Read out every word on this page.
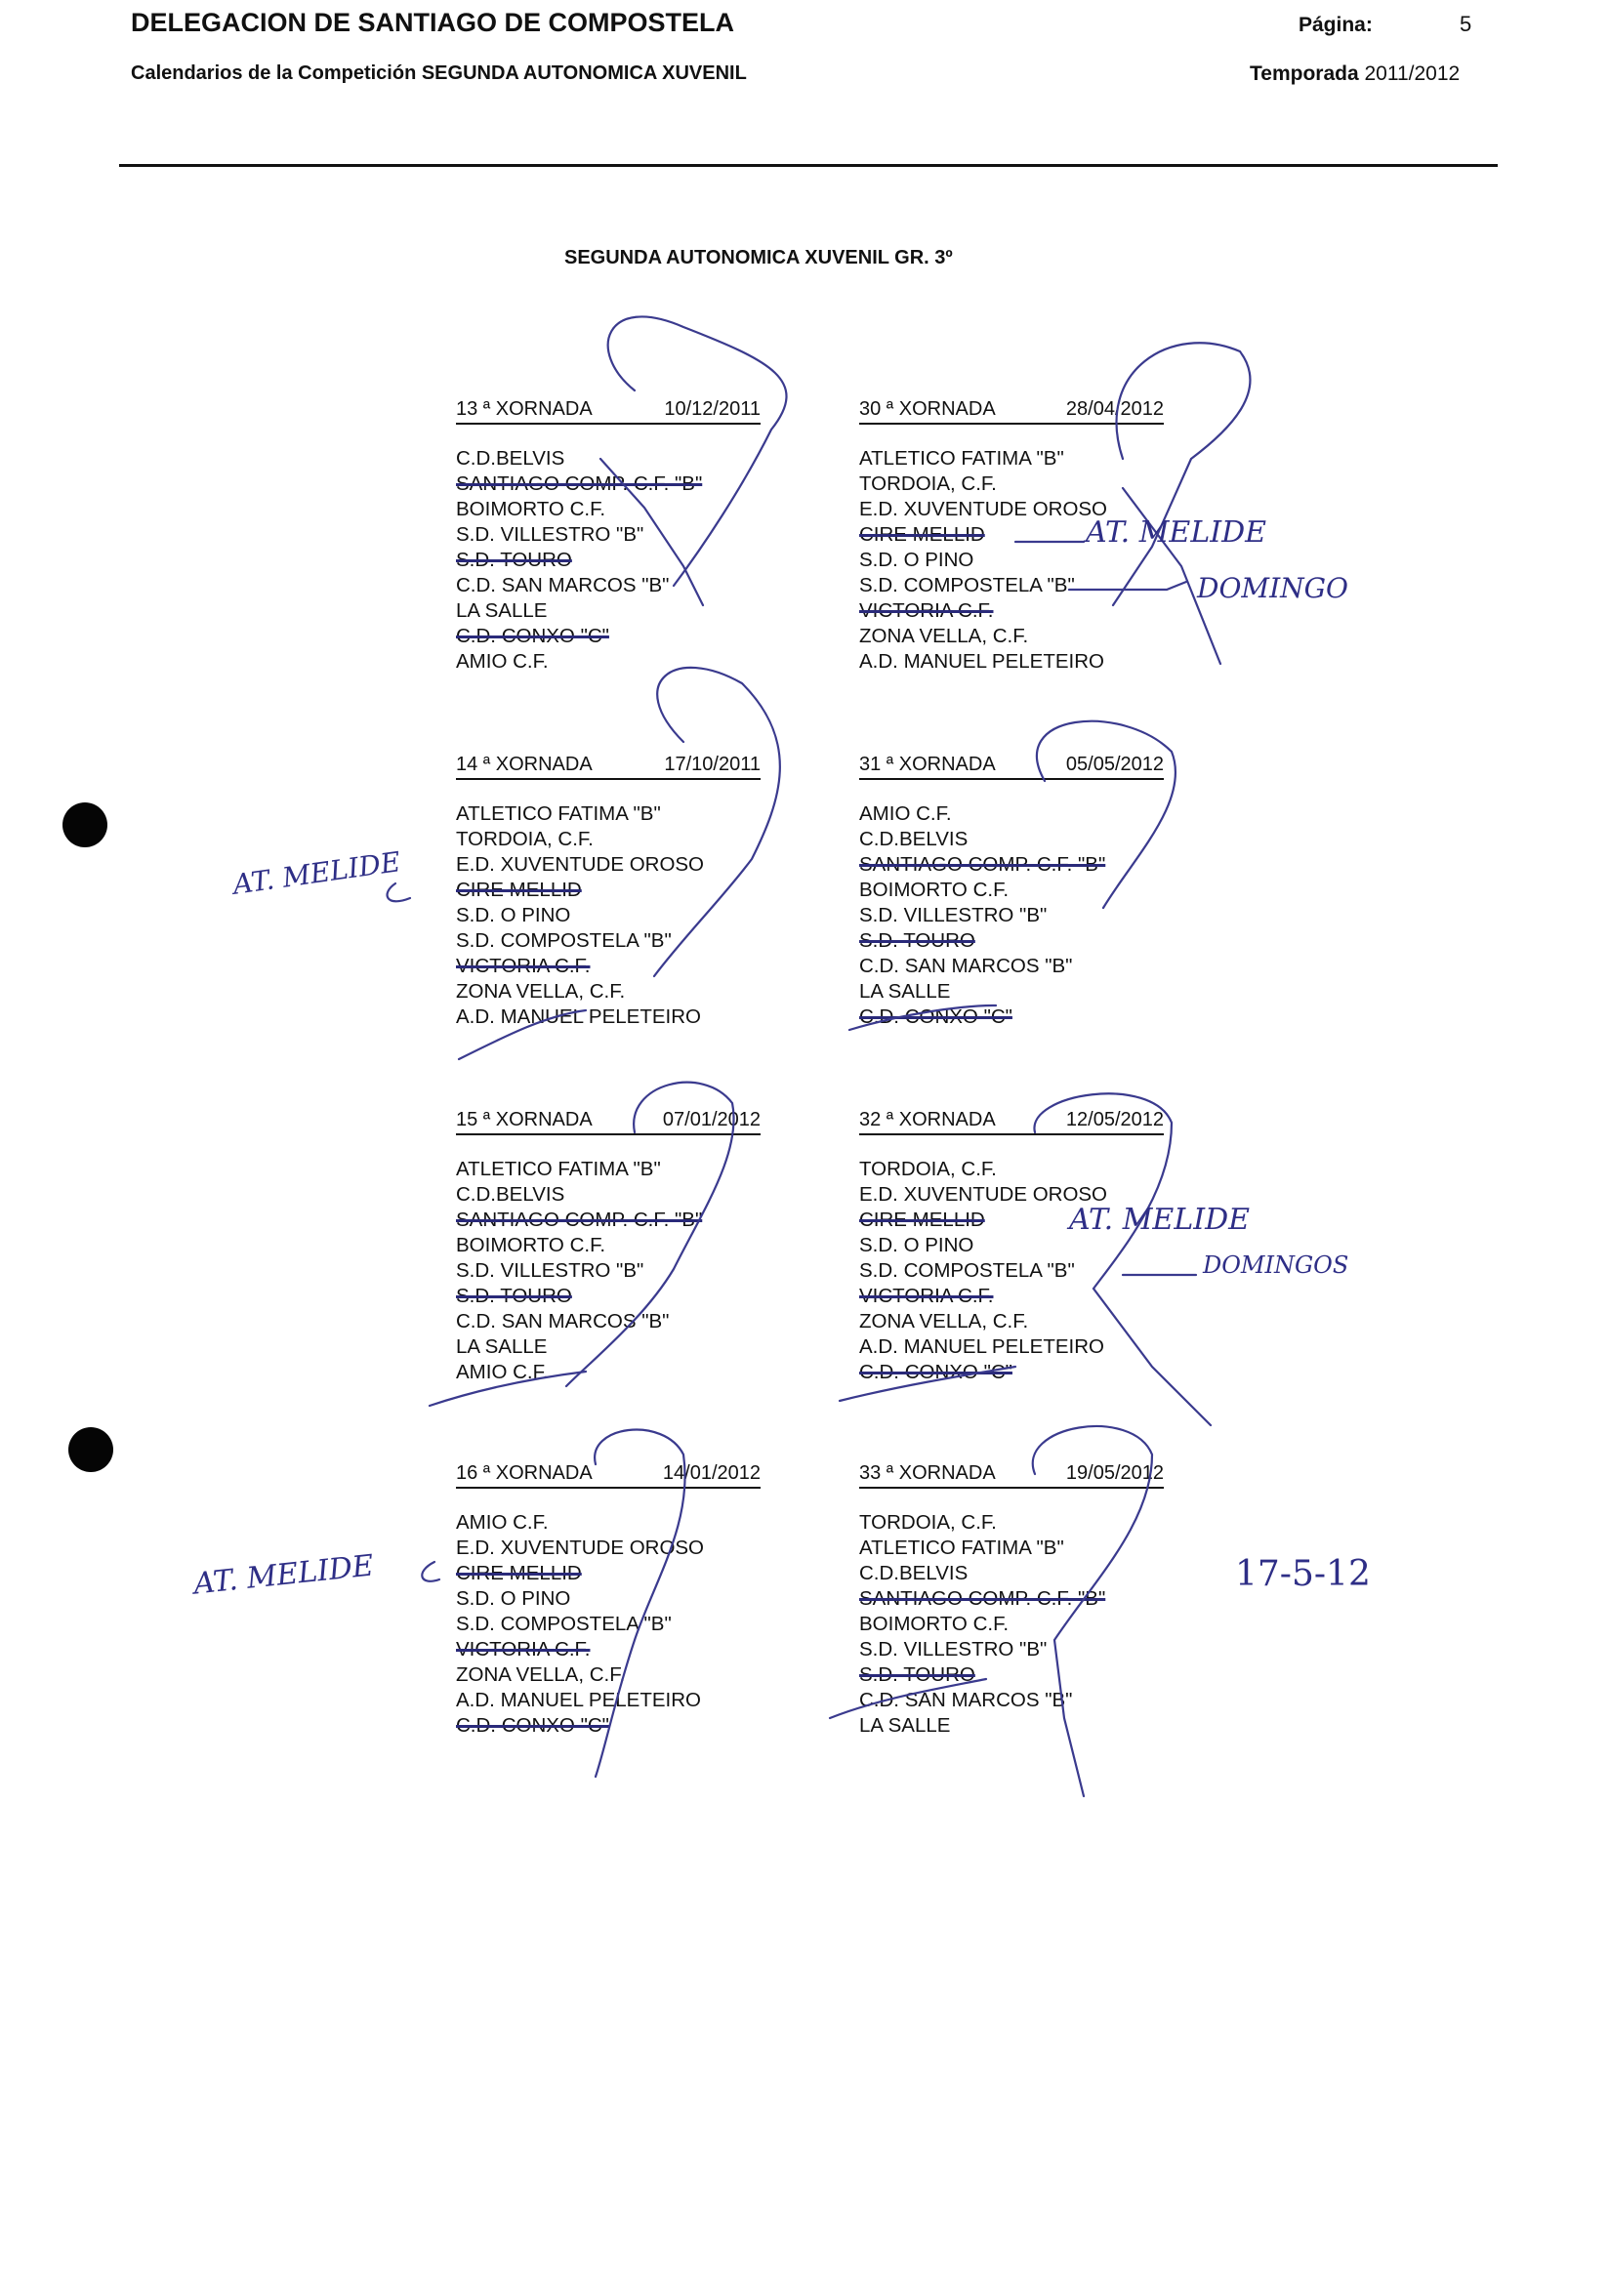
DELEGACION DE SANTIAGO DE COMPOSTELA	Página:	5
Calendarios de la Competición SEGUNDA AUTONOMICA XUVENIL	Temporada 2011/2012
SEGUNDA AUTONOMICA XUVENIL GR. 3º
13 ª XORNADA	10/12/2011
C.D.BELVIS
SANTIAGO COMP. C.F. "B"
BOIMORTO C.F.
S.D. VILLESTRO "B"
S.D. TOURO
C.D. SAN MARCOS "B"
LA SALLE
C.D. CONXO "C"
AMIO C.F.
30 ª XORNADA	28/04/2012
ATLETICO FATIMA "B"
TORDOIA, C.F.
E.D. XUVENTUDE OROSO
CIRE MELLID
S.D. O PINO
S.D. COMPOSTELA "B"
VICTORIA C.F.
ZONA VELLA, C.F.
A.D. MANUEL PELETEIRO
14 ª XORNADA	17/10/2011
ATLETICO FATIMA "B"
TORDOIA, C.F.
E.D. XUVENTUDE OROSO
CIRE MELLID
S.D. O PINO
S.D. COMPOSTELA "B"
VICTORIA C.F.
ZONA VELLA, C.F.
A.D. MANUEL PELETEIRO
31 ª XORNADA	05/05/2012
AMIO C.F.
C.D.BELVIS
SANTIAGO COMP. C.F. "B"
BOIMORTO C.F.
S.D. VILLESTRO "B"
S.D. TOURO
C.D. SAN MARCOS "B"
LA SALLE
C.D. CONXO "C"
15 ª XORNADA	07/01/2012
ATLETICO FATIMA "B"
C.D.BELVIS
SANTIAGO COMP. C.F. "B"
BOIMORTO C.F.
S.D. VILLESTRO "B"
S.D. TOURO
C.D. SAN MARCOS "B"
LA SALLE
AMIO C.F.
32 ª XORNADA	12/05/2012
TORDOIA, C.F.
E.D. XUVENTUDE OROSO
CIRE MELLID
S.D. O PINO
S.D. COMPOSTELA "B"
VICTORIA C.F.
ZONA VELLA, C.F.
A.D. MANUEL PELETEIRO
C.D. CONXO "C"
16 ª XORNADA	14/01/2012
AMIO C.F.
E.D. XUVENTUDE OROSO
CIRE MELLID
S.D. O PINO
S.D. COMPOSTELA "B"
VICTORIA C.F.
ZONA VELLA, C.F.
A.D. MANUEL PELETEIRO
C.D. CONXO "C"
33 ª XORNADA	19/05/2012
TORDOIA, C.F.
ATLETICO FATIMA "B"
C.D.BELVIS
SANTIAGO COMP. C.F. "B"
BOIMORTO C.F.
S.D. VILLESTRO "B"
S.D. TOURO
C.D. SAN MARCOS "B"
LA SALLE
AT. MELIDE
DOMINGO
AT. MELIDE
AT. MELIDE
DOMINGOS
AT. MELIDE	17-5-12
